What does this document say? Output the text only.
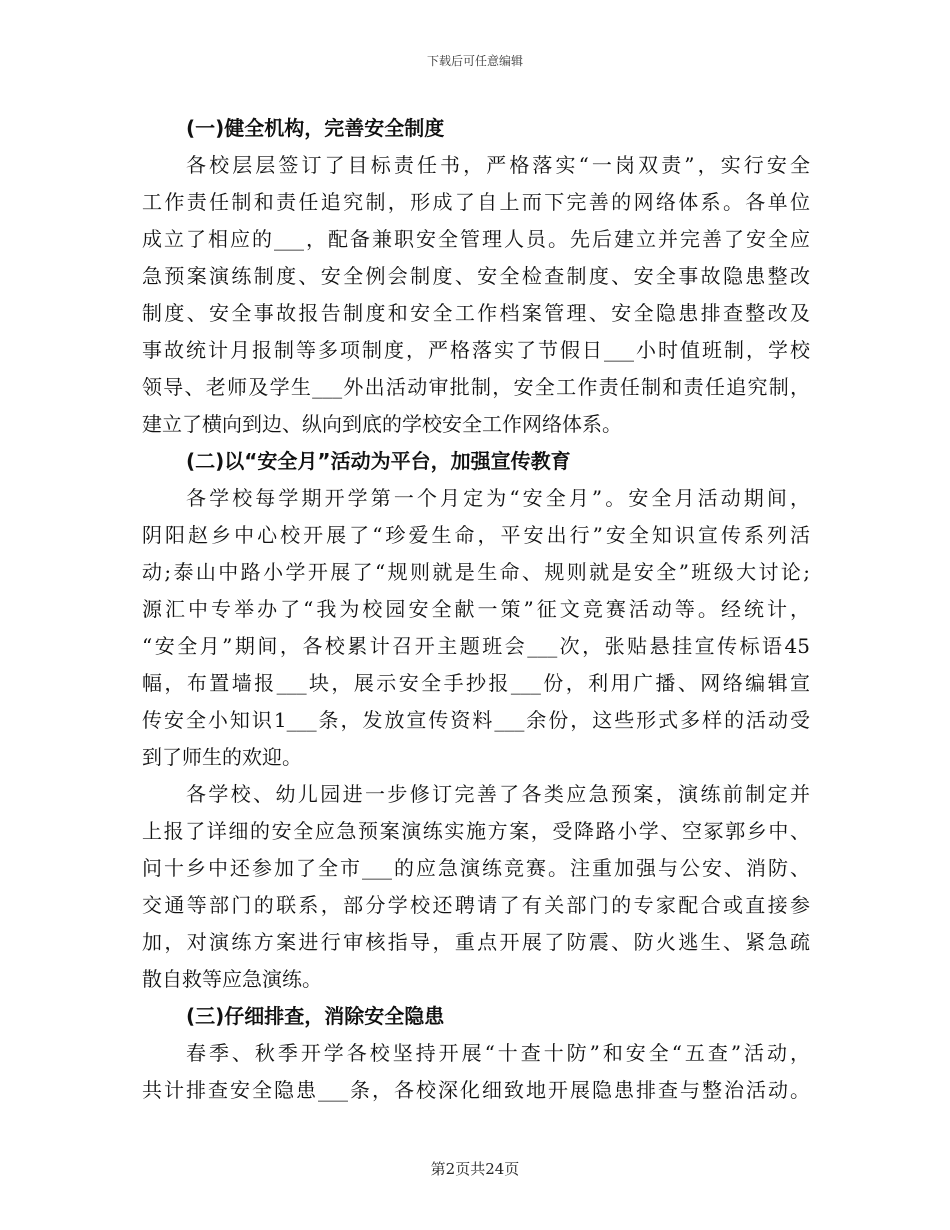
下载后可任意编辑
(一)健全机构，完善安全制度
各校层层签订了目标责任书，严格落实“一岗双责”，实行安全
工作责任制和责任追究制，形成了自上而下完善的网络体系。各单位
成立了相应的___，配备兼职安全管理人员。先后建立并完善了安全应
急预案演练制度、安全例会制度、安全检查制度、安全事故隐患整改
制度、安全事故报告制度和安全工作档案管理、安全隐患排查整改及
事故统计月报制等多项制度，严格落实了节假日___小时值班制，学校
领导、老师及学生___外出活动审批制，安全工作责任制和责任追究制，
建立了横向到边、纵向到底的学校安全工作网络体系。
(二)以“安全月”活动为平台，加强宣传教育
各学校每学期开学第一个月定为“安全月”。安全月活动期间，
阴阳赵乡中心校开展了“珍爱生命，平安出行”安全知识宣传系列活
动;泰山中路小学开展了“规则就是生命、规则就是安全”班级大讨论;
源汇中专举办了“我为校园安全献一策”征文竞赛活动等。经统计，
“安全月”期间，各校累计召开主题班会___次，张贴悬挂宣传标语45
幅，布置墙报___块，展示安全手抄报___份，利用广播、网络编辑宣
传安全小知识1___条，发放宣传资料___余份，这些形式多样的活动受
到了师生的欢迎。
各学校、幼儿园进一步修订完善了各类应急预案，演练前制定并
上报了详细的安全应急预案演练实施方案，受降路小学、空冢郭乡中、
问十乡中还参加了全市___的应急演练竞赛。注重加强与公安、消防、
交通等部门的联系，部分学校还聘请了有关部门的专家配合或直接参
加，对演练方案进行审核指导，重点开展了防震、防火逃生、紧急疏
散自救等应急演练。
(三)仔细排查，消除安全隐患
春季、秋季开学各校坚持开展“十查十防”和安全“五查”活动，
共计排查安全隐患___条，各校深化细致地开展隐患排查与整治活动。
第2页共24页
